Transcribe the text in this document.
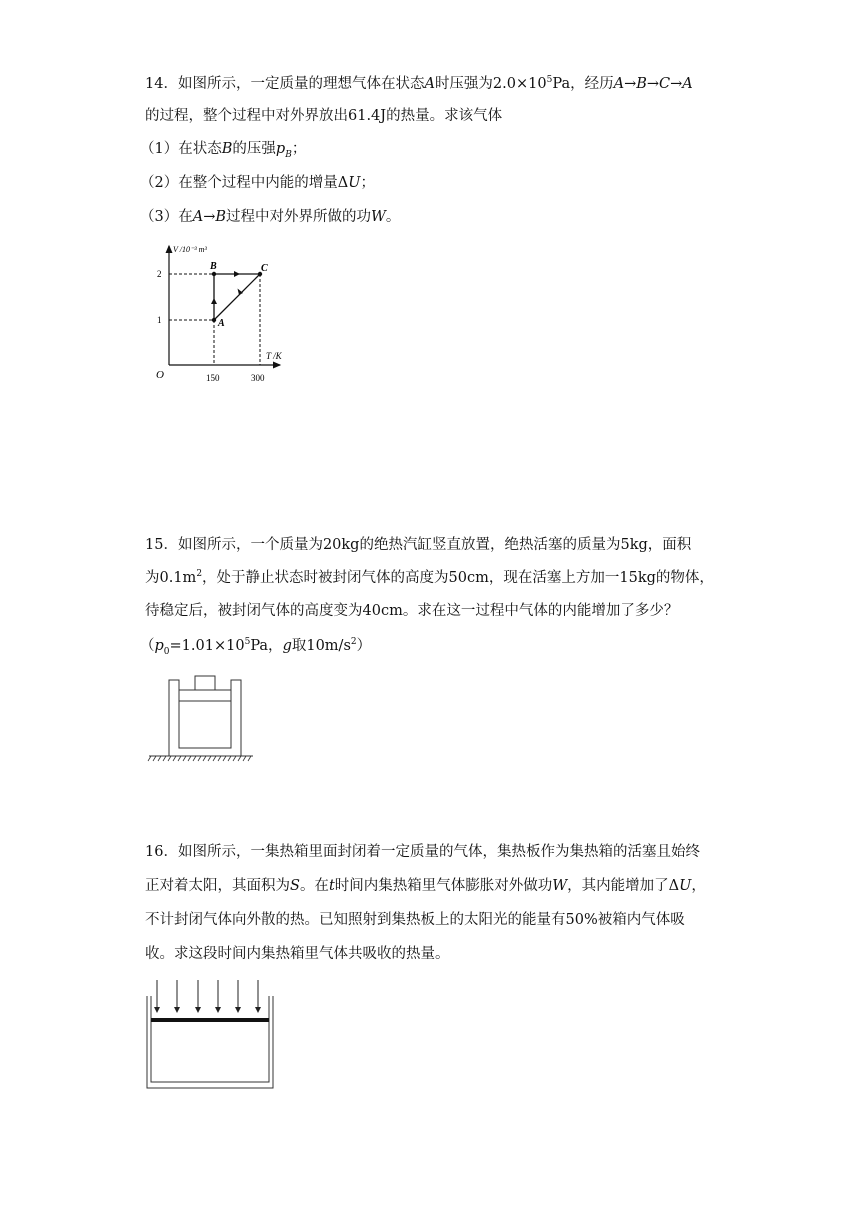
14．如图所示，一定质量的理想气体在状态A时压强为$2.0\times 10^5Pa$，经历A→B→C→A
的过程，整个过程中对外界放出61.4J的热量。求该气体
（1）在状态B的压强$p_B$；
（2）在整个过程中内能的增量ΔU；
（3）在A→B过程中对外界所做的功W。
V /10⁻³ m³
T /K
O
1
2
150	300
A
B	C
15．如图所示，一个质量为20kg的绝热汽缸竖直放置，绝热活塞的质量为5kg，面积
为$0.1m^2$，处于静止状态时被封闭气体的高度为50cm，现在活塞上方加一15kg的物体，
待稳定后，被封闭气体的高度变为40cm。求在这一过程中气体的内能增加了多少？
（$p_0=1.01\times 10^5Pa$，g取$10m/s^2$）
16．如图所示，一集热箱里面封闭着一定质量的气体，集热板作为集热箱的活塞且始终
正对着太阳，其面积为S。在t时间内集热箱里气体膨胀对外做功W，其内能增加了ΔU，
不计封闭气体向外散的热。已知照射到集热板上的太阳光的能量有50%被箱内气体吸
收。求这段时间内集热箱里气体共吸收的热量。
